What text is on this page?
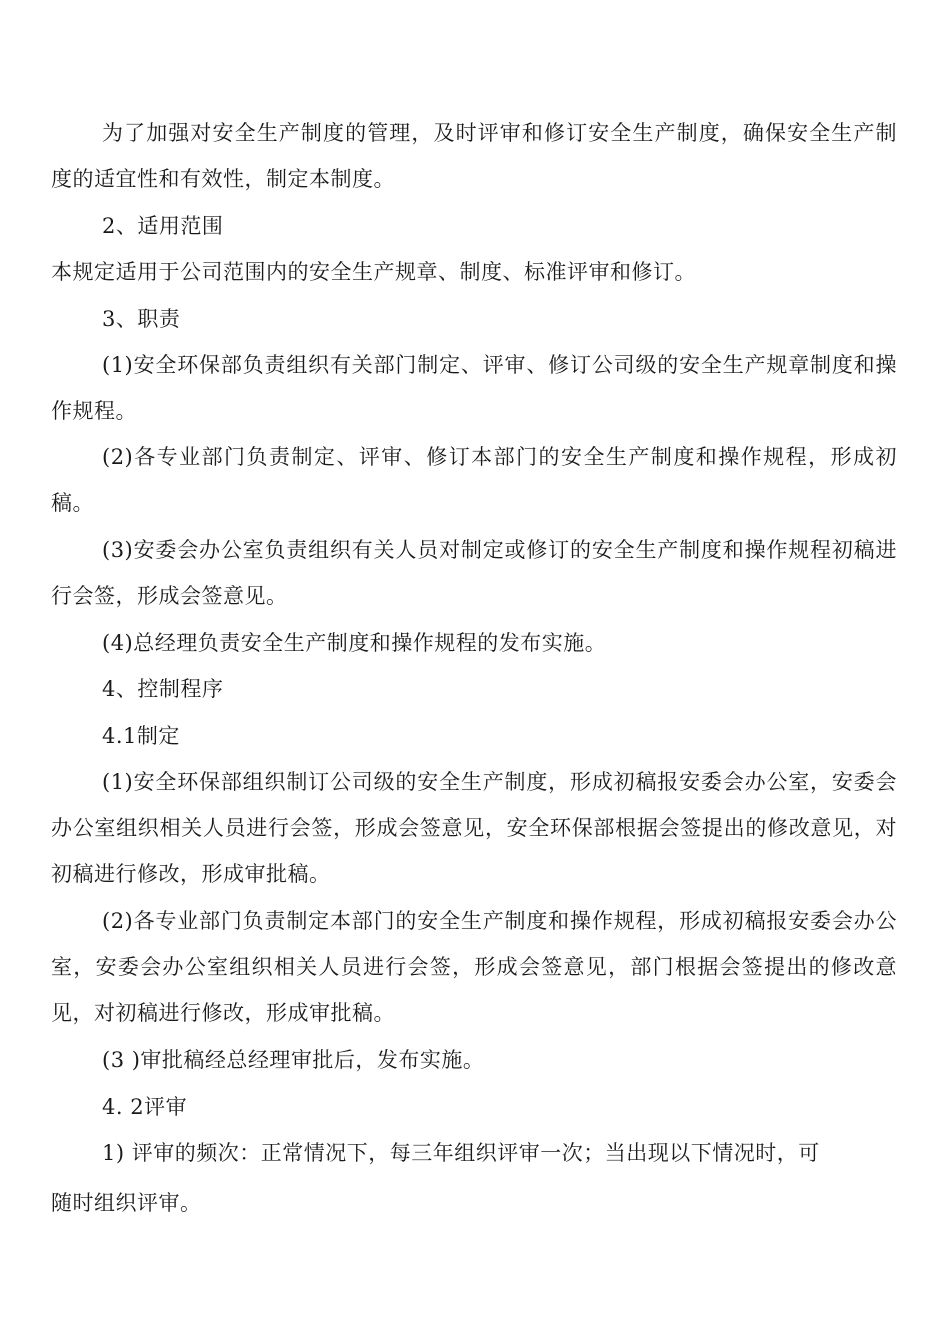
为了加强对安全生产制度的管理，及时评审和修订安全生产制度，确保安全生产制度的适宜性和有效性，制定本制度。

2、适用范围

本规定适用于公司范围内的安全生产规章、制度、标准评审和修订。

3、职责

(1)安全环保部负责组织有关部门制定、评审、修订公司级的安全生产规章制度和操作规程。

(2)各专业部门负责制定、评审、修订本部门的安全生产制度和操作规程，形成初稿。

(3)安委会办公室负责组织有关人员对制定或修订的安全生产制度和操作规程初稿进行会签，形成会签意见。

(4)总经理负责安全生产制度和操作规程的发布实施。

4、控制程序

4.1制定

(1)安全环保部组织制订公司级的安全生产制度，形成初稿报安委会办公室，安委会办公室组织相关人员进行会签，形成会签意见，安全环保部根据会签提出的修改意见，对初稿进行修改，形成审批稿。

(2)各专业部门负责制定本部门的安全生产制度和操作规程，形成初稿报安委会办公室，安委会办公室组织相关人员进行会签，形成会签意见，部门根据会签提出的修改意见，对初稿进行修改，形成审批稿。

(3 )审批稿经总经理审批后，发布实施。

4. 2评审

1) 评审的频次：正常情况下，每三年组织评审一次；当出现以下情况时，可

随时组织评审。
